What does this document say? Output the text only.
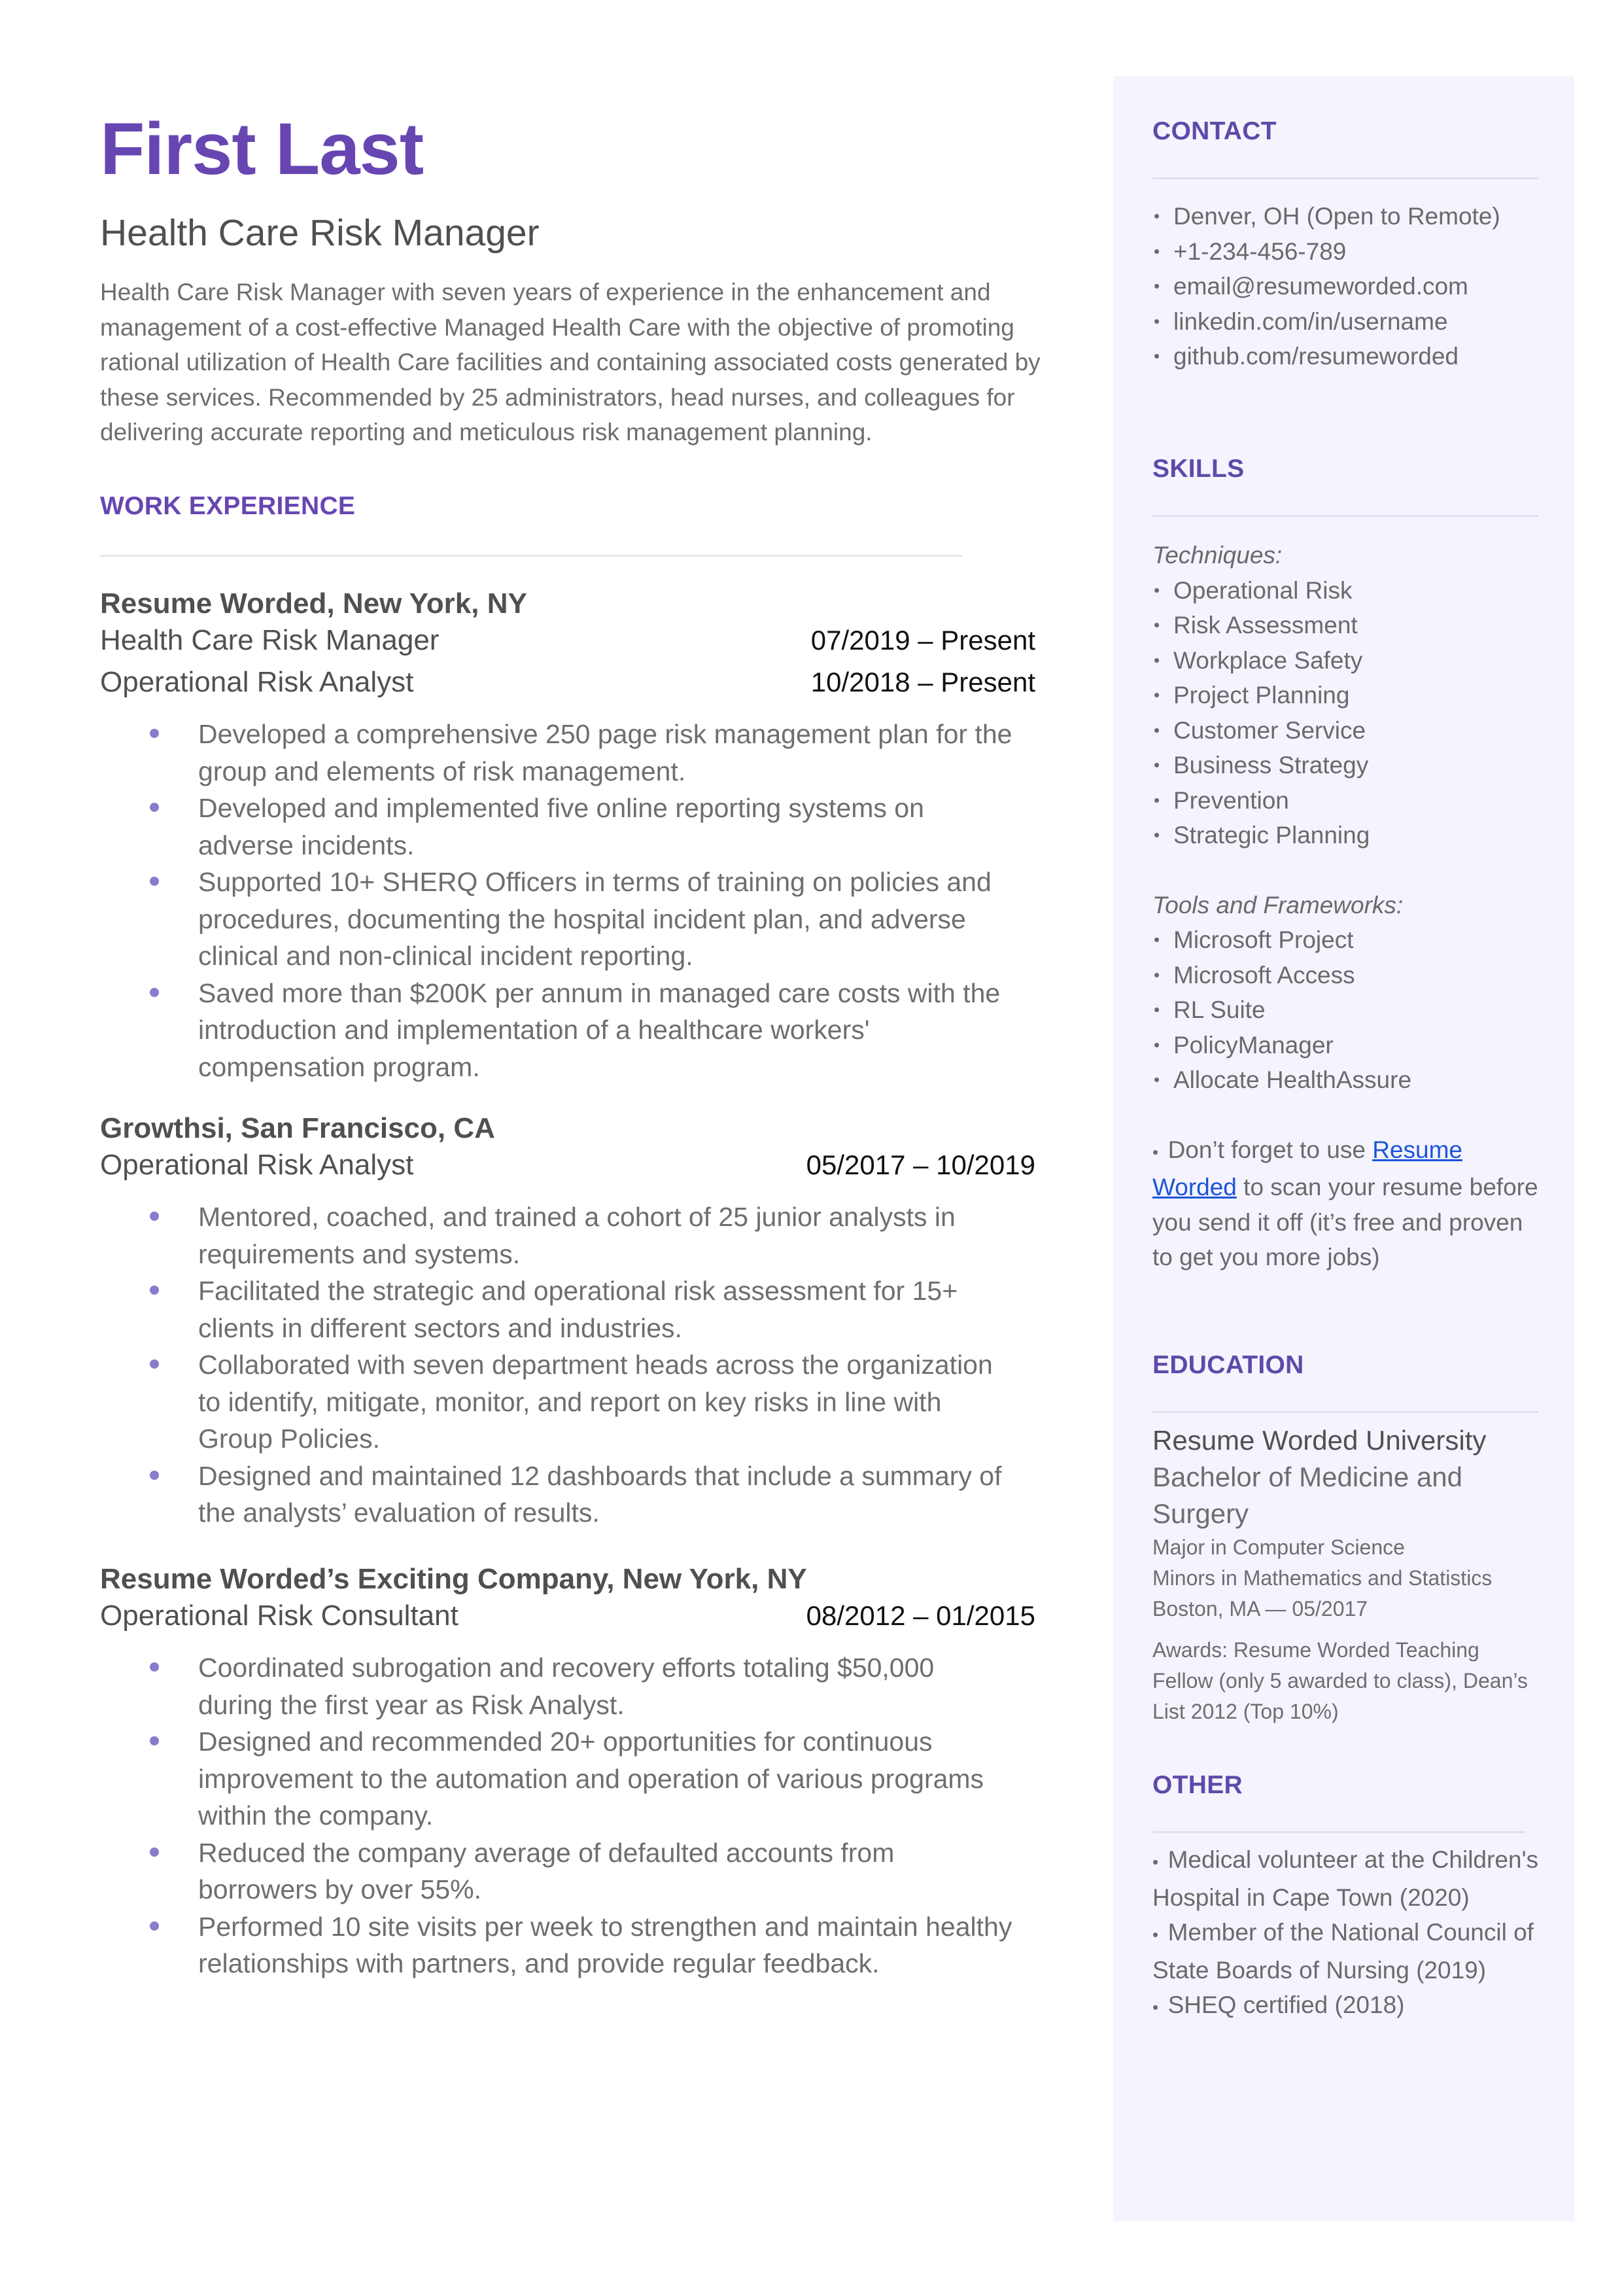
First Last
Health Care Risk Manager

Health Care Risk Manager with seven years of experience in the enhancement and management of a cost-effective Managed Health Care with the objective of promoting rational utilization of Health Care facilities and containing associated costs generated by these services. Recommended by 25 administrators, head nurses, and colleagues for delivering accurate reporting and meticulous risk management planning.

WORK EXPERIENCE

Resume Worded, New York, NY

Health Care Risk Manager	07/2019 – Present
Operational Risk Analyst	10/2018 – Present
Developed a comprehensive 250 page risk management plan for the group and elements of risk management.
Developed and implemented five online reporting systems on adverse incidents.
Supported 10+ SHERQ Officers in terms of training on policies and procedures, documenting the hospital incident plan, and adverse clinical and non-clinical incident reporting.
Saved more than $200K per annum in managed care costs with the introduction and implementation of a healthcare workers' compensation program.

Growthsi, San Francisco, CA

Operational Risk Analyst	05/2017 – 10/2019
Mentored, coached, and trained a cohort of 25 junior analysts in requirements and systems.
Facilitated the strategic and operational risk assessment for 15+ clients in different sectors and industries.
Collaborated with seven department heads across the organization to identify, mitigate, monitor, and report on key risks in line with Group Policies.
Designed and maintained 12 dashboards that include a summary of the analysts’ evaluation of results.

Resume Worded’s Exciting Company, New York, NY

Operational Risk Consultant	08/2012 – 01/2015
Coordinated subrogation and recovery efforts totaling $50,000 during the first year as Risk Analyst.
Designed and recommended 20+ opportunities for continuous improvement to the automation and operation of various programs within the company.
Reduced the company average of defaulted accounts from borrowers by over 55%.
Performed 10 site visits per week to strengthen and maintain healthy relationships with partners, and provide regular feedback.
CONTACT
• Denver, OH (Open to Remote)
• +1-234-456-789
• email@resumeworded.com
• linkedin.com/in/username
• github.com/resumeworded
SKILLS

Techniques:

• Operational Risk
• Risk Assessment
• Workplace Safety
• Project Planning
• Customer Service
• Business Strategy
• Prevention
• Strategic Planning

Tools and Frameworks:

• Microsoft Project
• Microsoft Access
• RL Suite
• PolicyManager
• Allocate HealthAssure

•  Don’t forget to use Resume Worded to scan your resume before you send it off (it’s free and proven to get you more jobs)

EDUCATION

Resume Worded University

Bachelor of Medicine and Surgery

Major in Computer Science

Minors in Mathematics and Statistics

Boston, MA — 05/2017

Awards: Resume Worded Teaching Fellow (only 5 awarded to class), Dean’s List 2012 (Top 10%)

OTHER

•  Medical volunteer at the Children's Hospital in Cape Town (2020)

•  Member of the National Council of State Boards of Nursing (2019)

•  SHEQ certified (2018)
